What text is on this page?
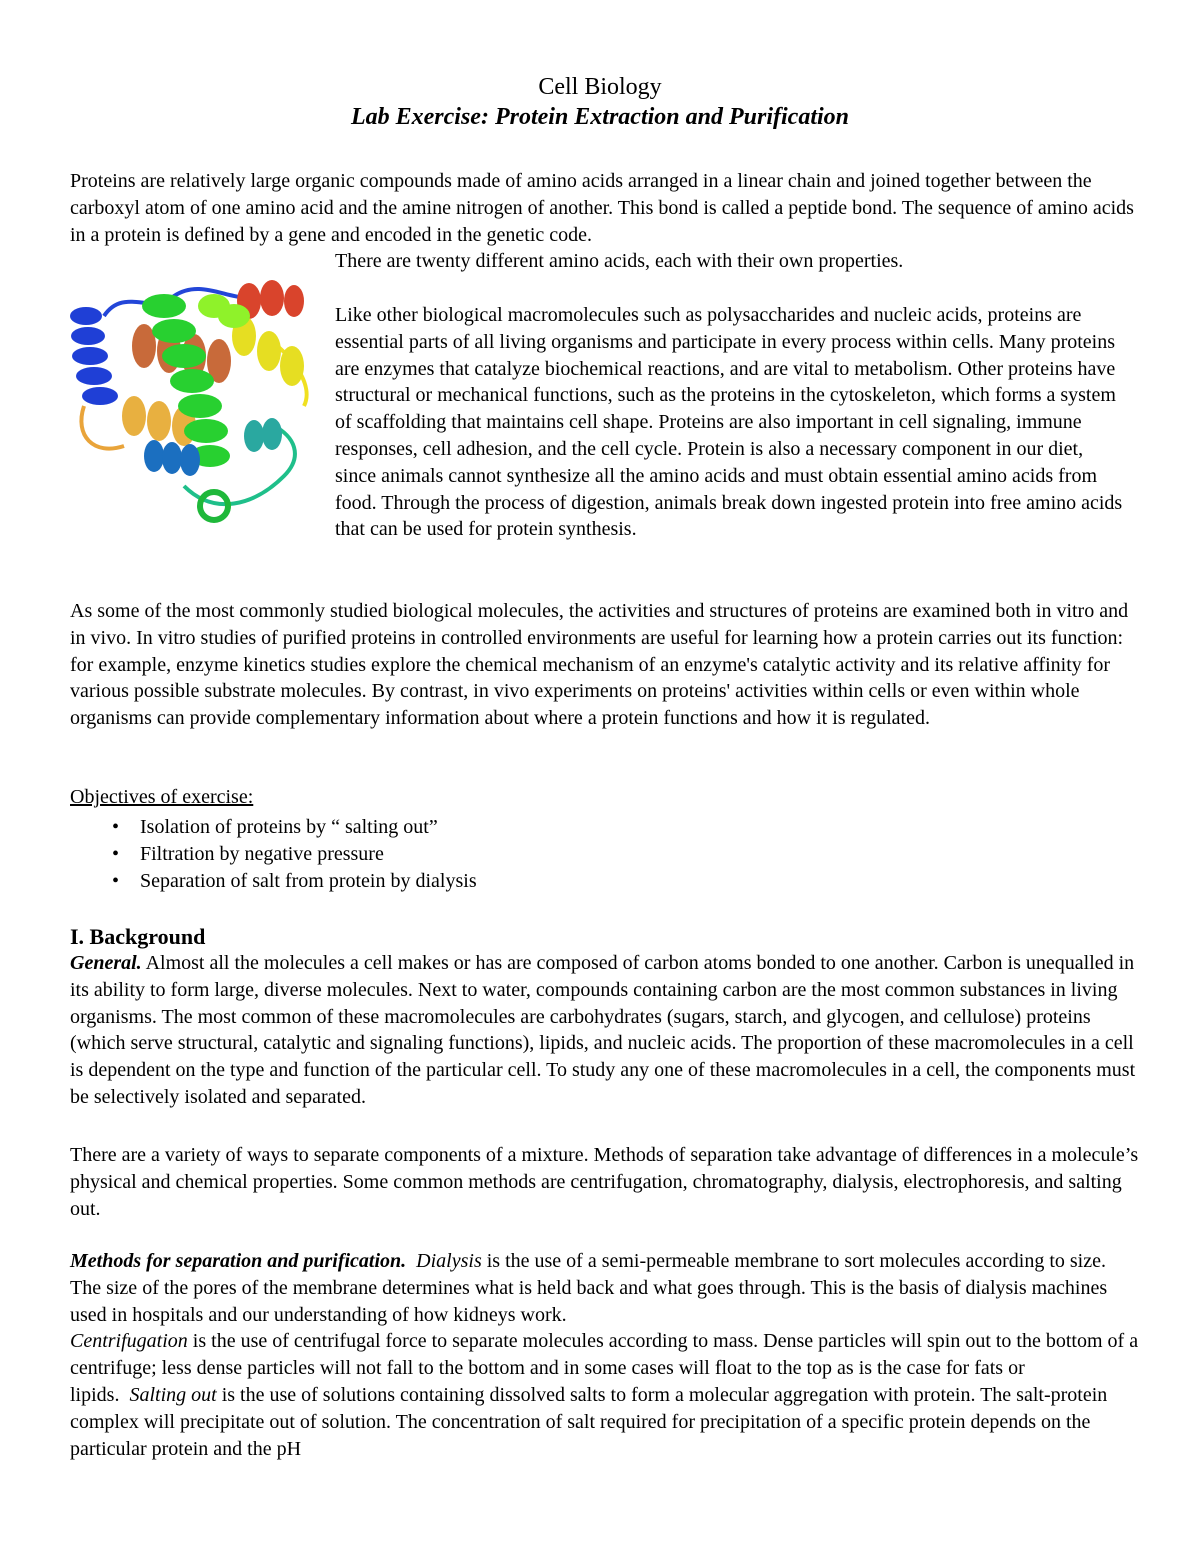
Cell Biology
Lab Exercise: Protein Extraction and Purification
Proteins are relatively large organic compounds made of amino acids arranged in a linear chain and joined together between the carboxyl atom of one amino acid and the amine nitrogen of another. This bond is called a peptide bond. The sequence of amino acids in a protein is defined by a gene and encoded in the genetic code.
There are twenty different amino acids, each with their own properties.
Like other biological macromolecules such as polysaccharides and nucleic acids, proteins are essential parts of all living organisms and participate in every process within cells. Many proteins are enzymes that catalyze biochemical reactions, and are vital to metabolism. Other proteins have structural or mechanical functions, such as the proteins in the cytoskeleton, which forms a system of scaffolding that maintains cell shape. Proteins are also important in cell signaling, immune responses, cell adhesion, and the cell cycle. Protein is also a necessary component in our diet, since animals cannot synthesize all the amino acids and must obtain essential amino acids from food. Through the process of digestion, animals break down ingested protein into free amino acids that can be used for protein synthesis.
As some of the most commonly studied biological molecules, the activities and structures of proteins are examined both in vitro and in vivo. In vitro studies of purified proteins in controlled environments are useful for learning how a protein carries out its function: for example, enzyme kinetics studies explore the chemical mechanism of an enzyme's catalytic activity and its relative affinity for various possible substrate molecules. By contrast, in vivo experiments on proteins' activities within cells or even within whole organisms can provide complementary information about where a protein functions and how it is regulated.
Objectives of exercise:
• Isolation of proteins by “ salting out”
• Filtration by negative pressure
• Separation of salt from protein by dialysis
I. Background
General. Almost all the molecules a cell makes or has are composed of carbon atoms bonded to one another. Carbon is unequalled in its ability to form large, diverse molecules. Next to water, compounds containing carbon are the most common substances in living organisms. The most common of these macromolecules are carbohydrates (sugars, starch, and glycogen, and cellulose) proteins (which serve structural, catalytic and signaling functions), lipids, and nucleic acids. The proportion of these macromolecules in a cell is dependent on the type and function of the particular cell. To study any one of these macromolecules in a cell, the components must be selectively isolated and separated.
There are a variety of ways to separate components of a mixture. Methods of separation take advantage of differences in a molecule’s physical and chemical properties. Some common methods are centrifugation, chromatography, dialysis, electrophoresis, and salting out.
Methods for separation and purification. Dialysis is the use of a semi-permeable membrane to sort molecules according to size. The size of the pores of the membrane determines what is held back and what goes through. This is the basis of dialysis machines used in hospitals and our understanding of how kidneys work.
Centrifugation is the use of centrifugal force to separate molecules according to mass. Dense particles will spin out to the bottom of a centrifuge; less dense particles will not fall to the bottom and in some cases will float to the top as is the case for fats or lipids. Salting out is the use of solutions containing dissolved salts to form a molecular aggregation with protein. The salt-protein complex will precipitate out of solution. The concentration of salt required for precipitation of a specific protein depends on the particular protein and the pH
